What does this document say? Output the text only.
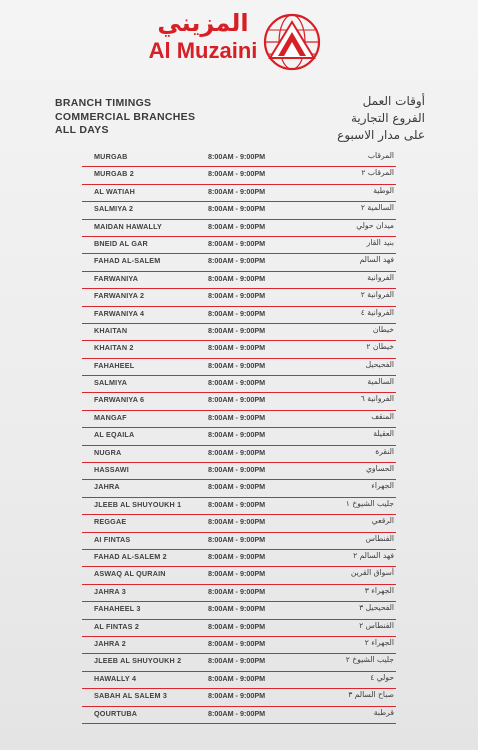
المزيني
Al Muzaini
BRANCH TIMINGS
COMMERCIAL BRANCHES
ALL DAYS
أوقات العمل
الفروع التجارية
على مدار الاسبوع
MURGAB	8:00AM - 9:00PM	المرقاب
MURGAB 2	8:00AM - 9:00PM	المرقاب ٢
AL WATIAH	8:00AM - 9:00PM	الوطية
SALMIYA 2	8:00AM - 9:00PM	السالمية ٢
MAIDAN HAWALLY	8:00AM - 9:00PM	ميدان حولي
BNEID AL GAR	8:00AM - 9:00PM	بنيد القار
FAHAD AL-SALEM	8:00AM - 9:00PM	فهد السالم
FARWANIYA	8:00AM - 9:00PM	الفروانية
FARWANIYA 2	8:00AM - 9:00PM	الفروانية ٢
FARWANIYA 4	8:00AM - 9:00PM	الفروانية ٤
KHAITAN	8:00AM - 9:00PM	خيطان
KHAITAN 2	8:00AM - 9:00PM	خيطان ٢
FAHAHEEL	8:00AM - 9:00PM	الفحيحيل
SALMIYA	8:00AM - 9:00PM	السالمية
FARWANIYA 6	8:00AM - 9:00PM	الفروانية ٦
MANGAF	8:00AM - 9:00PM	المنقف
AL EQAILA	8:00AM - 9:00PM	العقيلة
NUGRA	8:00AM - 9:00PM	النقرة
HASSAWI	8:00AM - 9:00PM	الحساوي
JAHRA	8:00AM - 9:00PM	الجهراء
JLEEB AL SHUYOUKH 1	8:00AM - 9:00PM	جليب الشيوخ ١
REGGAE	8:00AM - 9:00PM	الرقعي
AI FINTAS	8:00AM - 9:00PM	الفنطاس
FAHAD AL-SALEM 2	8:00AM - 9:00PM	فهد السالم ٢
ASWAQ AL QURAIN	8:00AM - 9:00PM	أسواق القرين
JAHRA 3	8:00AM - 9:00PM	الجهراء ٣
FAHAHEEL 3	8:00AM - 9:00PM	الفحيحيل ٣
AL FINTAS 2	8:00AM - 9:00PM	الفنطاس ٢
JAHRA 2	8:00AM - 9:00PM	الجهراء ٢
JLEEB AL SHUYOUKH 2	8:00AM - 9:00PM	جليب الشيوخ ٢
HAWALLY 4	8:00AM - 9:00PM	حولي ٤
SABAH AL SALEM 3	8:00AM - 9:00PM	صباح السالم ٣
QOURTUBA	8:00AM - 9:00PM	قرطبة
